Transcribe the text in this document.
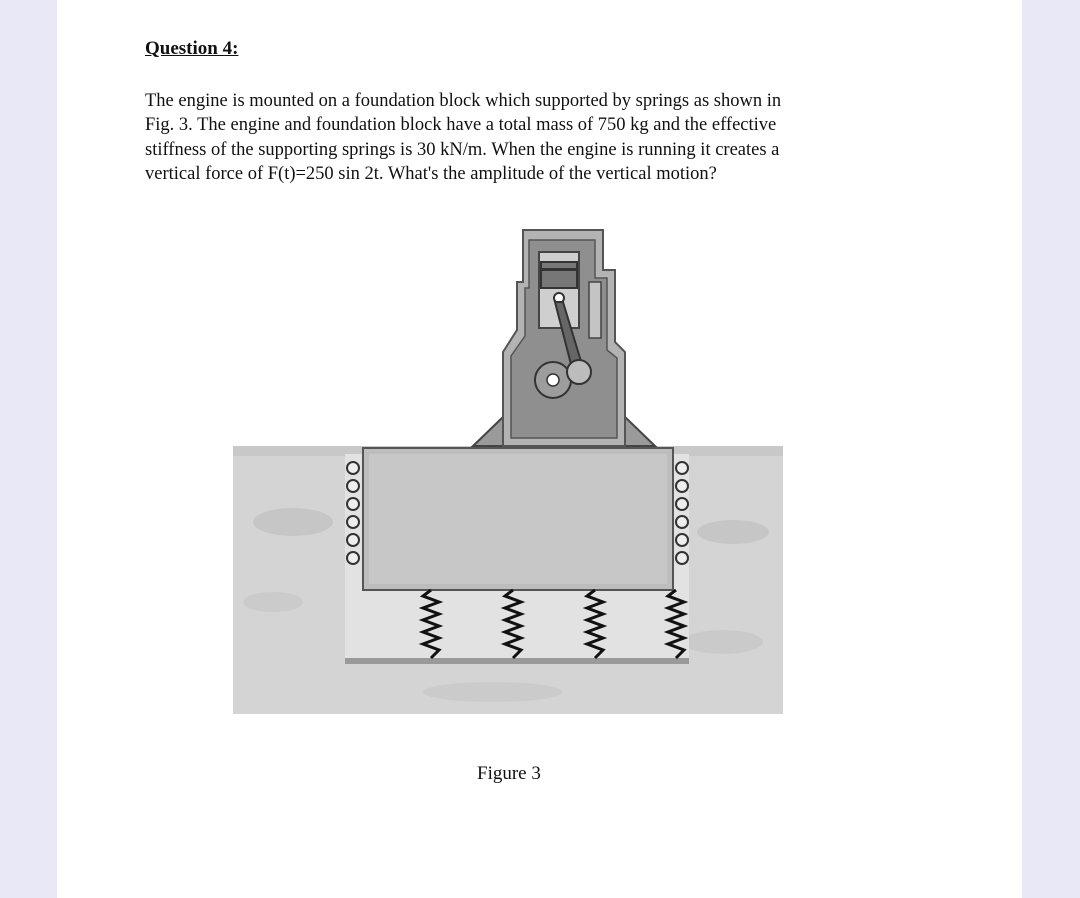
Question 4:

The engine is mounted on a foundation block which supported by springs as shown in
Fig. 3. The engine and foundation block have a total mass of 750 kg and the effective
stiffness of the supporting springs is 30 kN/m. When the engine is running it creates a
vertical force of F(t)=250 sin 2t. What's the amplitude of the vertical motion?

Figure 3
